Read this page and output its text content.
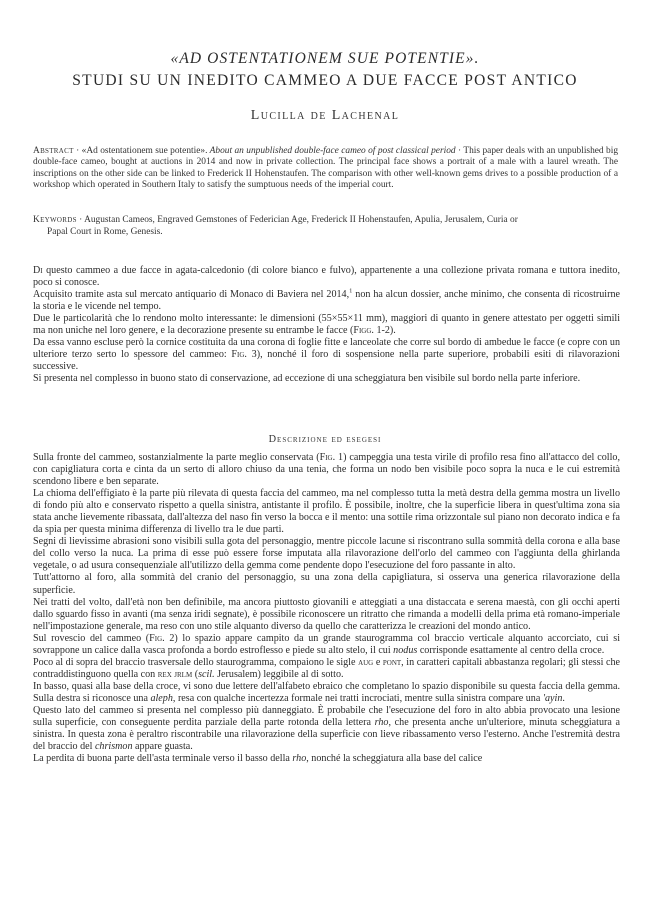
«AD OSTENTATIONEM SUE POTENTIE».
STUDI SU UN INEDITO CAMMEO A DUE FACCE POST ANTICO
Lucilla de Lachenal
Abstract · «Ad ostentationem sue potentie». About an unpublished double-face cameo of post classical period · This paper deals with an unpublished big double-face cameo, bought at auctions in 2014 and now in private collection. The principal face shows a portrait of a male with a laurel wreath. The inscriptions on the other side can be linked to Frederick II Hohenstaufen. The comparison with other well-known gems drives to a possible production of a workshop which operated in Southern Italy to satisfy the sumptuous needs of the imperial court.
Keywords · Augustan Cameos, Engraved Gemstones of Federician Age, Frederick II Hohenstaufen, Apulia, Jerusalem, Curia or
Papal Court in Rome, Genesis.

Di questo cammeo a due facce in agata-calcedonio (di colore bianco e fulvo), appartenente a una collezione privata romana e tuttora inedito, poco si conosce.

Acquisito tramite asta sul mercato antiquario di Monaco di Baviera nel 2014,$^1$ non ha alcun dossier, anche minimo, che consenta di ricostruirne la storia e le vicende nel tempo.

Due le particolarità che lo rendono molto interessante: le dimensioni (55×55×11 mm), maggiori di quanto in genere attestato per oggetti simili ma non uniche nel loro genere, e la decorazione presente su entrambe le facce (Figg. 1-2).

Da essa vanno escluse però la cornice costituita da una corona di foglie fitte e lanceolate che corre sul bordo di ambedue le facce (e copre con un ulteriore terzo serto lo spessore del cammeo: Fig. 3), nonché il foro di sospensione nella parte superiore, probabili esiti di rilavorazioni successive.

Si presenta nel complesso in buono stato di conservazione, ad eccezione di una scheggiatura ben visibile sul bordo nella parte inferiore.

Descrizione ed esegesi

Sulla fronte del cammeo, sostanzialmente la parte meglio conservata (Fig. 1) campeggia una testa virile di profilo resa fino all'attacco del collo, con capigliatura corta e cinta da un serto di alloro chiuso da una tenia, che forma un nodo ben visibile poco sopra la nuca e le cui estremità scendono libere e ben separate.

La chioma dell'effigiato è la parte più rilevata di questa faccia del cammeo, ma nel complesso tutta la metà destra della gemma mostra un livello di fondo più alto e conservato rispetto a quella sinistra, antistante il profilo. È possibile, inoltre, che la superficie libera in quest'ultima zona sia stata anche lievemente ribassata, dall'altezza del naso fin verso la bocca e il mento: una sottile rima orizzontale sul piano non decorato indica e fa da spia per questa minima differenza di livello tra le due parti.

Segni di lievissime abrasioni sono visibili sulla gota del personaggio, mentre piccole lacune si riscontrano sulla sommità della corona e alla base del collo verso la nuca. La prima di esse può essere forse imputata alla rilavorazione dell'orlo del cammeo con l'aggiunta della ghirlanda vegetale, o ad usura consequenziale all'utilizzo della gemma come pendente dopo l'esecuzione del foro passante in alto.

Tutt'attorno al foro, alla sommità del cranio del personaggio, su una zona della capigliatura, si osserva una generica rilavorazione della superficie.

Nei tratti del volto, dall'età non ben definibile, ma ancora piuttosto giovanili e atteggiati a una distaccata e serena maestà, con gli occhi aperti dallo sguardo fisso in avanti (ma senza iridi segnate), è possibile riconoscere un ritratto che rimanda a modelli della prima età romano-imperiale nell'impostazione generale, ma reso con uno stile alquanto diverso da quello che caratterizza le creazioni del mondo antico.

Sul rovescio del cammeo (Fig. 2) lo spazio appare campito da un grande staurogramma col braccio verticale alquanto accorciato, cui si sovrappone un calice dalla vasca profonda a bordo estroflesso e piede su alto stelo, il cui nodus corrisponde esattamente al centro della croce.

Poco al di sopra del braccio trasversale dello staurogramma, compaiono le sigle aug e pont, in caratteri capitali abbastanza regolari; gli stessi che contraddistinguono quella con rex jrlm (scil. Jerusalem) leggibile al di sotto.

In basso, quasi alla base della croce, vi sono due lettere dell'alfabeto ebraico che completano lo spazio disponibile su questa faccia della gemma. Sulla destra si riconosce una aleph, resa con qualche incertezza formale nei tratti incrociati, mentre sulla sinistra compare una 'ayin.

Questo lato del cammeo si presenta nel complesso più danneggiato. È probabile che l'esecuzione del foro in alto abbia provocato una lesione sulla superficie, con conseguente perdita parziale della parte rotonda della lettera rho, che presenta anche un'ulteriore, minuta scheggiatura a sinistra. In questa zona è peraltro riscontrabile una rilavorazione della superficie con lieve ribassamento verso l'esterno. Anche l'estremità destra del braccio del chrismon appare guasta.

La perdita di buona parte dell'asta terminale verso il basso della rho, nonché la scheggiatura alla base del calice
